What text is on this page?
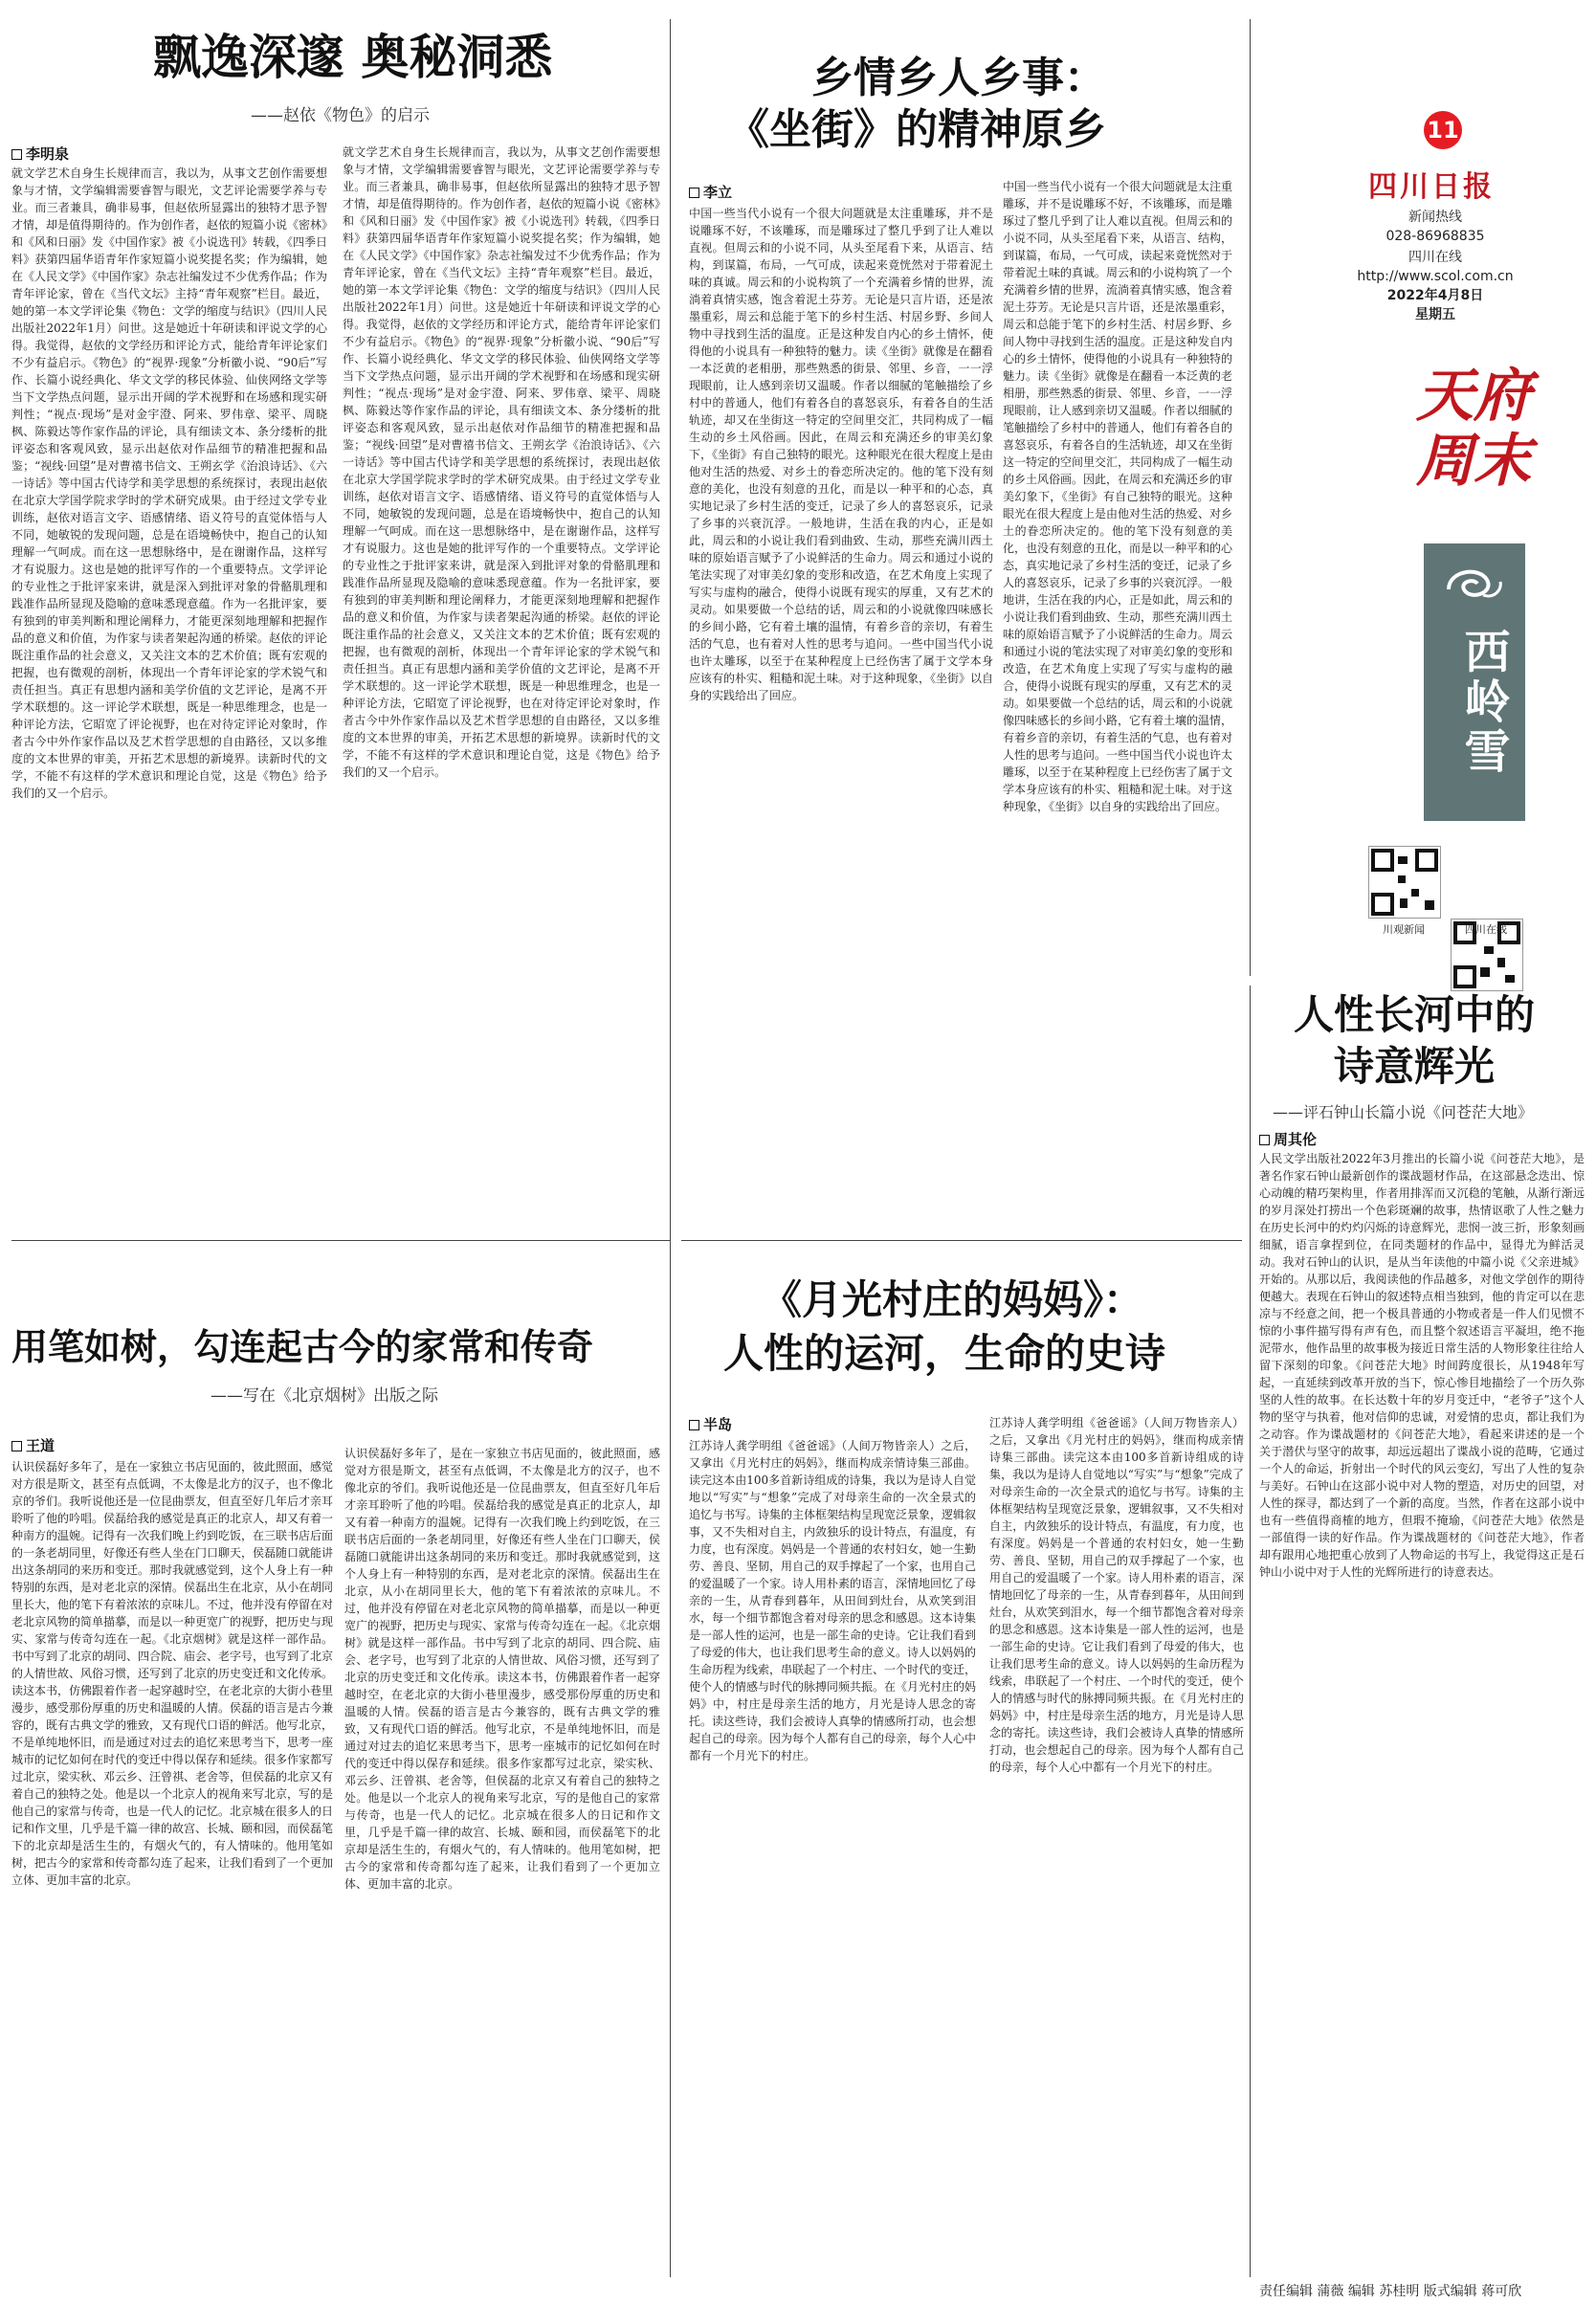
飘逸深邃 奥秘洞悉
——赵依《物色》的启示
李明泉
就文学艺术自身生长规律而言，我以为，从事文艺创作需要想象与才情，文学编辑需要睿智与眼光，文艺评论需要学养与专业。而三者兼具，确非易事，但赵依所显露出的独特才思予智才情，却是值得期待的。作为创作者，赵依的短篇小说《密林》和《风和日丽》发《中国作家》被《小说选刊》转载，《四季日料》获第四届华语青年作家短篇小说奖提名奖；作为编辑，她在《人民文学》《中国作家》杂志社编发过不少优秀作品；作为青年评论家，曾在《当代文坛》主持“青年观察”栏目。最近，她的第一本文学评论集《物色：文学的缩度与结识》（四川人民出版社2022年1月）问世。这是她近十年研读和评说文学的心得。我觉得，赵依的文学经历和评论方式，能给青年评论家们不少有益启示。《物色》的“视界·现象”分析徽小说、“90后”写作、长篇小说经典化、华文文学的移民体验、仙侠网络文学等当下文学热点问题，显示出开阔的学术视野和在场感和现实研判性；“视点·现场”是对金宇澄、阿来、罗伟章、梁平、周晓枫、陈毅达等作家作品的评论，具有细读文本、条分缕析的批评姿态和客观风致，显示出赵依对作品细节的精准把握和品鉴；“视线·回望”是对曹禧书信文、王朔玄学《治浪诗话》、《六一诗话》等中国古代诗学和美学思想的系统探讨，表现出赵依在北京大学国学院求学时的学术研究成果。由于经过文学专业训练，赵依对语言文字、语感情绪、语义符号的直觉体悟与人不同，她敏锐的发现问题，总是在语境畅快中，抱自己的认知理解一气呵成。而在这一思想脉络中，是在谢谢作品，这样写才有说服力。这也是她的批评写作的一个重要特点。文学评论的专业性之于批评家来讲，就是深入到批评对象的骨骼肌理和践准作品所显现及隐喻的意味悉现意蕴。作为一名批评家，要有独到的审美判断和理论阐释力，才能更深刻地理解和把握作品的意义和价值，为作家与读者架起沟通的桥梁。赵依的评论既注重作品的社会意义，又关注文本的艺术价值；既有宏观的把握，也有微观的剖析，体现出一个青年评论家的学术锐气和责任担当。真正有思想内涵和美学价值的文艺评论，是离不开学术联想的。这一评论学术联想，既是一种思维理念，也是一种评论方法，它昭宽了评论视野，也在对待定评论对象时，作者古今中外作家作品以及艺术哲学思想的自由路径，又以多维度的文本世界的审美，开拓艺术思想的新境界。读新时代的文学，不能不有这样的学术意识和理论自觉，这是《物色》给予我们的又一个启示。
就文学艺术自身生长规律而言，我以为，从事文艺创作需要想象与才情，文学编辑需要睿智与眼光，文艺评论需要学养与专业。而三者兼具，确非易事，但赵依所显露出的独特才思予智才情，却是值得期待的。作为创作者，赵依的短篇小说《密林》和《风和日丽》发《中国作家》被《小说选刊》转载，《四季日料》获第四届华语青年作家短篇小说奖提名奖；作为编辑，她在《人民文学》《中国作家》杂志社编发过不少优秀作品；作为青年评论家，曾在《当代文坛》主持“青年观察”栏目。最近，她的第一本文学评论集《物色：文学的缩度与结识》（四川人民出版社2022年1月）问世。这是她近十年研读和评说文学的心得。我觉得，赵依的文学经历和评论方式，能给青年评论家们不少有益启示。《物色》的“视界·现象”分析徽小说、“90后”写作、长篇小说经典化、华文文学的移民体验、仙侠网络文学等当下文学热点问题，显示出开阔的学术视野和在场感和现实研判性；“视点·现场”是对金宇澄、阿来、罗伟章、梁平、周晓枫、陈毅达等作家作品的评论，具有细读文本、条分缕析的批评姿态和客观风致，显示出赵依对作品细节的精准把握和品鉴；“视线·回望”是对曹禧书信文、王朔玄学《治浪诗话》、《六一诗话》等中国古代诗学和美学思想的系统探讨，表现出赵依在北京大学国学院求学时的学术研究成果。由于经过文学专业训练，赵依对语言文字、语感情绪、语义符号的直觉体悟与人不同，她敏锐的发现问题，总是在语境畅快中，抱自己的认知理解一气呵成。而在这一思想脉络中，是在谢谢作品，这样写才有说服力。这也是她的批评写作的一个重要特点。文学评论的专业性之于批评家来讲，就是深入到批评对象的骨骼肌理和践准作品所显现及隐喻的意味悉现意蕴。作为一名批评家，要有独到的审美判断和理论阐释力，才能更深刻地理解和把握作品的意义和价值，为作家与读者架起沟通的桥梁。赵依的评论既注重作品的社会意义，又关注文本的艺术价值；既有宏观的把握，也有微观的剖析，体现出一个青年评论家的学术锐气和责任担当。真正有思想内涵和美学价值的文艺评论，是离不开学术联想的。这一评论学术联想，既是一种思维理念，也是一种评论方法，它昭宽了评论视野，也在对待定评论对象时，作者古今中外作家作品以及艺术哲学思想的自由路径，又以多维度的文本世界的审美，开拓艺术思想的新境界。读新时代的文学，不能不有这样的学术意识和理论自觉，这是《物色》给予我们的又一个启示。
乡情乡人乡事：
《坐街》的精神原乡
李立
中国一些当代小说有一个很大问题就是太注重雕琢，并不是说雕琢不好，不该雕琢，而是雕琢过了整几乎到了让人难以直视。但周云和的小说不同，从头至尾看下来，从语言、结构，到谋篇，布局，一气可成，读起来竟恍然对于带着泥土味的真诚。周云和的小说构筑了一个充满着乡情的世界，流淌着真情实感，饱含着泥土芬芳。无论是只言片语，还是浓墨重彩，周云和总能于笔下的乡村生活、村居乡野、乡间人物中寻找到生活的温度。正是这种发自内心的乡土情怀，使得他的小说具有一种独特的魅力。读《坐街》就像是在翻看一本泛黄的老相册，那些熟悉的街景、邻里、乡音，一一浮现眼前，让人感到亲切又温暖。作者以细腻的笔触描绘了乡村中的普通人，他们有着各自的喜怒哀乐，有着各自的生活轨迹，却又在坐街这一特定的空间里交汇，共同构成了一幅生动的乡土风俗画。因此，在周云和充满还乡的审美幻象下，《坐街》有自己独特的眼光。这种眼光在很大程度上是由他对生活的热爱、对乡土的眷恋所决定的。他的笔下没有刻意的美化，也没有刻意的丑化，而是以一种平和的心态，真实地记录了乡村生活的变迁，记录了乡人的喜怒哀乐，记录了乡事的兴衰沉浮。一般地讲，生活在我的内心，正是如此，周云和的小说让我们看到曲致、生动，那些充满川西土味的原始语言赋予了小说鲜活的生命力。周云和通过小说的笔法实现了对审美幻象的变形和改造，在艺术角度上实现了写实与虚构的融合，使得小说既有现实的厚重，又有艺术的灵动。如果要做一个总结的话，周云和的小说就像四味感长的乡间小路，它有着土壤的温情，有着乡音的亲切，有着生活的气息，也有着对人性的思考与追问。一些中国当代小说也许太雕琢，以至于在某种程度上已经伤害了属于文学本身应该有的朴实、粗糙和泥土味。对于这种现象，《坐街》以自身的实践给出了回应。
中国一些当代小说有一个很大问题就是太注重雕琢，并不是说雕琢不好，不该雕琢，而是雕琢过了整几乎到了让人难以直视。但周云和的小说不同，从头至尾看下来，从语言、结构，到谋篇，布局，一气可成，读起来竟恍然对于带着泥土味的真诚。周云和的小说构筑了一个充满着乡情的世界，流淌着真情实感，饱含着泥土芬芳。无论是只言片语，还是浓墨重彩，周云和总能于笔下的乡村生活、村居乡野、乡间人物中寻找到生活的温度。正是这种发自内心的乡土情怀，使得他的小说具有一种独特的魅力。读《坐街》就像是在翻看一本泛黄的老相册，那些熟悉的街景、邻里、乡音，一一浮现眼前，让人感到亲切又温暖。作者以细腻的笔触描绘了乡村中的普通人，他们有着各自的喜怒哀乐，有着各自的生活轨迹，却又在坐街这一特定的空间里交汇，共同构成了一幅生动的乡土风俗画。因此，在周云和充满还乡的审美幻象下，《坐街》有自己独特的眼光。这种眼光在很大程度上是由他对生活的热爱、对乡土的眷恋所决定的。他的笔下没有刻意的美化，也没有刻意的丑化，而是以一种平和的心态，真实地记录了乡村生活的变迁，记录了乡人的喜怒哀乐，记录了乡事的兴衰沉浮。一般地讲，生活在我的内心，正是如此，周云和的小说让我们看到曲致、生动，那些充满川西土味的原始语言赋予了小说鲜活的生命力。周云和通过小说的笔法实现了对审美幻象的变形和改造，在艺术角度上实现了写实与虚构的融合，使得小说既有现实的厚重，又有艺术的灵动。如果要做一个总结的话，周云和的小说就像四味感长的乡间小路，它有着土壤的温情，有着乡音的亲切，有着生活的气息，也有着对人性的思考与追问。一些中国当代小说也许太雕琢，以至于在某种程度上已经伤害了属于文学本身应该有的朴实、粗糙和泥土味。对于这种现象，《坐街》以自身的实践给出了回应。
11
四川日报
新闻热线
028-86968835
四川在线
http://www.scol.com.cn
2022年4月8日
星期五
天府周末
西岭雪
川观新闻	四川在线
人性长河中的
诗意辉光
——评石钟山长篇小说《问苍茫大地》
周其伦
人民文学出版社2022年3月推出的长篇小说《问苍茫大地》，是著名作家石钟山最新创作的谍战题材作品，在这部悬念迭出、惊心动魄的精巧架构里，作者用排浑而又沉稳的笔触，从渐行渐远的岁月深处打捞出一个色彩斑斓的故事，热情讴歌了人性之魅力在历史长河中的灼灼闪烁的诗意辉光，悲悯一波三折，形象刻画细腻，语言拿捏到位，在同类题材的作品中，显得尤为鲜活灵动。我对石钟山的认识，是从当年读他的中篇小说《父亲进城》开始的。从那以后，我阅读他的作品越多，对他文学创作的期待便越大。表现在石钟山的叙述特点相当独到，他的肯定可以在悲凉与不经意之间，把一个极具普通的小物或者是一件人们见惯不惊的小事件描写得有声有色，而且整个叙述语言平凝坦，绝不拖泥带水，他作品里的故事极为接近日常生活的人物形象往往给人留下深刻的印象。《问苍茫大地》时间跨度很长，从1948年写起，一直延续到改革开放的当下，惊心惨目地描绘了一个历久弥坚的人性的故事。在长达数十年的岁月变迁中，“老爷子”这个人物的坚守与执着，他对信仰的忠诚，对爱情的忠贞，都让我们为之动容。作为谍战题材的《问苍茫大地》，看起来讲述的是一个关于潜伏与坚守的故事，却远远超出了谍战小说的范畴，它通过一个人的命运，折射出一个时代的风云变幻，写出了人性的复杂与美好。石钟山在这部小说中对人物的塑造，对历史的回望，对人性的探寻，都达到了一个新的高度。当然，作者在这部小说中也有一些值得商榷的地方，但瑕不掩瑜，《问苍茫大地》依然是一部值得一读的好作品。作为谍战题材的《问苍茫大地》，作者却有跟用心地把重心放到了人物命运的书写上，我觉得这正是石钟山小说中对于人性的光辉所进行的诗意表达。
用笔如树，勾连起古今的家常和传奇
——写在《北京烟树》出版之际
王道
认识侯磊好多年了，是在一家独立书店见面的，彼此照面，感觉对方很是斯文，甚至有点低调，不太像是北方的汉子，也不像北京的爷们。我听说他还是一位昆曲票友，但直至好几年后才亲耳聆听了他的吟唱。侯磊给我的感觉是真正的北京人，却又有着一种南方的温婉。记得有一次我们晚上约到吃饭，在三联书店后面的一条老胡同里，好像还有些人坐在门口聊天，侯磊随口就能讲出这条胡同的来历和变迁。那时我就感觉到，这个人身上有一种特别的东西，是对老北京的深情。侯磊出生在北京，从小在胡同里长大，他的笔下有着浓浓的京味儿。不过，他并没有停留在对老北京风物的简单描摹，而是以一种更宽广的视野，把历史与现实、家常与传奇勾连在一起。《北京烟树》就是这样一部作品。书中写到了北京的胡同、四合院、庙会、老字号，也写到了北京的人情世故、风俗习惯，还写到了北京的历史变迁和文化传承。读这本书，仿佛跟着作者一起穿越时空，在老北京的大街小巷里漫步，感受那份厚重的历史和温暖的人情。侯磊的语言是古今兼容的，既有古典文学的雅致，又有现代口语的鲜活。他写北京，不是单纯地怀旧，而是通过对过去的追忆来思考当下，思考一座城市的记忆如何在时代的变迁中得以保存和延续。很多作家都写过北京，梁实秋、邓云乡、汪曾祺、老舍等，但侯磊的北京又有着自己的独特之处。他是以一个北京人的视角来写北京，写的是他自己的家常与传奇，也是一代人的记忆。北京城在很多人的日记和作文里，几乎是千篇一律的故宫、长城、颐和园，而侯磊笔下的北京却是活生生的，有烟火气的，有人情味的。他用笔如树，把古今的家常和传奇都勾连了起来，让我们看到了一个更加立体、更加丰富的北京。
认识侯磊好多年了，是在一家独立书店见面的，彼此照面，感觉对方很是斯文，甚至有点低调，不太像是北方的汉子，也不像北京的爷们。我听说他还是一位昆曲票友，但直至好几年后才亲耳聆听了他的吟唱。侯磊给我的感觉是真正的北京人，却又有着一种南方的温婉。记得有一次我们晚上约到吃饭，在三联书店后面的一条老胡同里，好像还有些人坐在门口聊天，侯磊随口就能讲出这条胡同的来历和变迁。那时我就感觉到，这个人身上有一种特别的东西，是对老北京的深情。侯磊出生在北京，从小在胡同里长大，他的笔下有着浓浓的京味儿。不过，他并没有停留在对老北京风物的简单描摹，而是以一种更宽广的视野，把历史与现实、家常与传奇勾连在一起。《北京烟树》就是这样一部作品。书中写到了北京的胡同、四合院、庙会、老字号，也写到了北京的人情世故、风俗习惯，还写到了北京的历史变迁和文化传承。读这本书，仿佛跟着作者一起穿越时空，在老北京的大街小巷里漫步，感受那份厚重的历史和温暖的人情。侯磊的语言是古今兼容的，既有古典文学的雅致，又有现代口语的鲜活。他写北京，不是单纯地怀旧，而是通过对过去的追忆来思考当下，思考一座城市的记忆如何在时代的变迁中得以保存和延续。很多作家都写过北京，梁实秋、邓云乡、汪曾祺、老舍等，但侯磊的北京又有着自己的独特之处。他是以一个北京人的视角来写北京，写的是他自己的家常与传奇，也是一代人的记忆。北京城在很多人的日记和作文里，几乎是千篇一律的故宫、长城、颐和园，而侯磊笔下的北京却是活生生的，有烟火气的，有人情味的。他用笔如树，把古今的家常和传奇都勾连了起来，让我们看到了一个更加立体、更加丰富的北京。
《月光村庄的妈妈》：
人性的运河，生命的史诗
半岛
江苏诗人龚学明组《爸爸谣》（人间万物皆亲人）之后，又拿出《月光村庄的妈妈》，继而构成亲情诗集三部曲。读完这本由100多首新诗组成的诗集，我以为是诗人自觉地以“写实”与“想象”完成了对母亲生命的一次全景式的追忆与书写。诗集的主体框架结构呈现宽泛景象，逻辑叙事，又不失相对自主，内敛独乐的设计特点，有温度，有力度，也有深度。妈妈是一个普通的农村妇女，她一生勤劳、善良、坚韧，用自己的双手撑起了一个家，也用自己的爱温暖了一个家。诗人用朴素的语言，深情地回忆了母亲的一生，从青春到暮年，从田间到灶台，从欢笑到泪水，每一个细节都饱含着对母亲的思念和感恩。这本诗集是一部人性的运河，也是一部生命的史诗。它让我们看到了母爱的伟大，也让我们思考生命的意义。诗人以妈妈的生命历程为线索，串联起了一个村庄、一个时代的变迁，使个人的情感与时代的脉搏同频共振。在《月光村庄的妈妈》中，村庄是母亲生活的地方，月光是诗人思念的寄托。读这些诗，我们会被诗人真挚的情感所打动，也会想起自己的母亲。因为每个人都有自己的母亲，每个人心中都有一个月光下的村庄。
江苏诗人龚学明组《爸爸谣》（人间万物皆亲人）之后，又拿出《月光村庄的妈妈》，继而构成亲情诗集三部曲。读完这本由100多首新诗组成的诗集，我以为是诗人自觉地以“写实”与“想象”完成了对母亲生命的一次全景式的追忆与书写。诗集的主体框架结构呈现宽泛景象，逻辑叙事，又不失相对自主，内敛独乐的设计特点，有温度，有力度，也有深度。妈妈是一个普通的农村妇女，她一生勤劳、善良、坚韧，用自己的双手撑起了一个家，也用自己的爱温暖了一个家。诗人用朴素的语言，深情地回忆了母亲的一生，从青春到暮年，从田间到灶台，从欢笑到泪水，每一个细节都饱含着对母亲的思念和感恩。这本诗集是一部人性的运河，也是一部生命的史诗。它让我们看到了母爱的伟大，也让我们思考生命的意义。诗人以妈妈的生命历程为线索，串联起了一个村庄、一个时代的变迁，使个人的情感与时代的脉搏同频共振。在《月光村庄的妈妈》中，村庄是母亲生活的地方，月光是诗人思念的寄托。读这些诗，我们会被诗人真挚的情感所打动，也会想起自己的母亲。因为每个人都有自己的母亲，每个人心中都有一个月光下的村庄。
责任编辑 蒲薇 编辑 苏桂明 版式编辑 蒋可欣
